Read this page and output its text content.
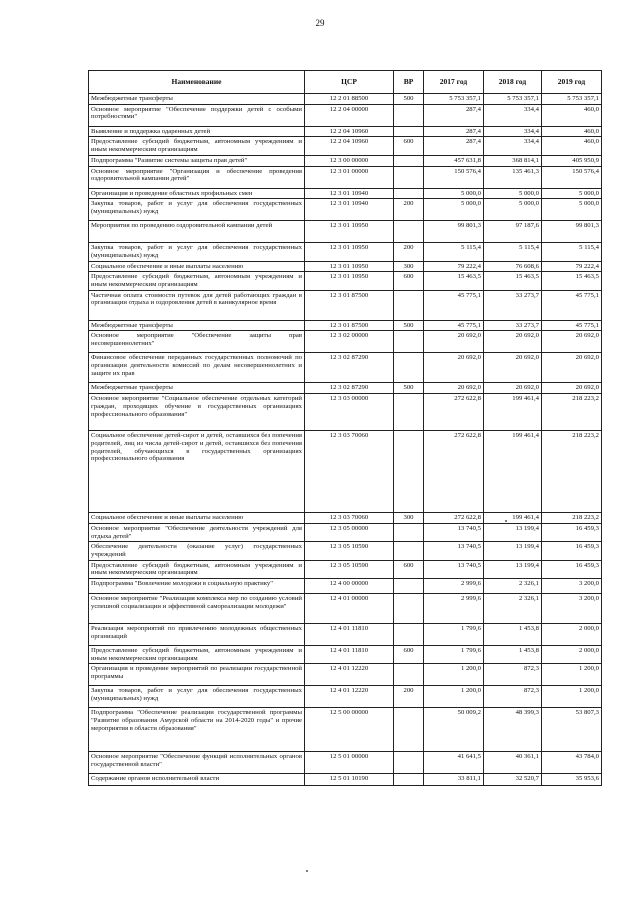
29
Наименование	ЦСР	ВР	2017 год	2018 год	2019 год
Межбюджетные трансферты	12 2 01 88500	500	5 753 357,1	5 753 357,1	5 753 357,1
Основное мероприятие "Обеспечение поддержки детей с особыми потребностями"	12 2 04 00000		287,4	334,4	460,0
Выявление и поддержка одаренных детей	12 2 04 10960		287,4	334,4	460,0
Предоставление субсидий бюджетным, автономным учреждениям и иным некоммерческим организациям	12 2 04 10960	600	287,4	334,4	460,0
Подпрограмма "Развитие системы защиты прав детей"	12 3 00 00000		457 631,8	368 814,1	405 950,9
Основное мероприятие "Организация и обеспечение проведения оздоровительной кампании детей"	12 3 01 00000		150 576,4	135 461,3	150 576,4
Организация и проведение областных профильных смен	12 3 01 10940		5 000,0	5 000,0	5 000,0
Закупка товаров, работ и услуг для обеспечения государственных (муниципальных) нужд	12 3 01 10940	200	5 000,0	5 000,0	5 000,0
Мероприятия по проведению оздоровительной кампании детей	12 3 01 10950		99 801,3	97 187,6	99 801,3
Закупка товаров, работ и услуг для обеспечения государственных (муниципальных) нужд	12 3 01 10950	200	5 115,4	5 115,4	5 115,4
Социальное обеспечение и иные выплаты населению	12 3 01 10950	300	79 222,4	76 608,6	79 222,4
Предоставление субсидий бюджетным, автономным учреждениям и иным некоммерческим организациям	12 3 01 10950	600	15 463,5	15 463,5	15 463,5
Частичная оплата стоимости путевок для детей работающих граждан в организации отдыха и оздоровления детей в каникулярное время	12 3 01 87500		45 775,1	33 273,7	45 775,1
Межбюджетные трансферты	12 3 01 87500	500	45 775,1	33 273,7	45 775,1
Основное мероприятие "Обеспечение защиты прав несовершеннолетних"	12 3 02 00000		20 692,0	20 692,0	20 692,0
Финансовое обеспечение переданных государственных полномочий по организации деятельности комиссий по делам несовершеннолетних и защите их прав	12 3 02 87290		20 692,0	20 692,0	20 692,0
Межбюджетные трансферты	12 3 02 87290	500	20 692,0	20 692,0	20 692,0
Основное мероприятие "Социальное обеспечение отдельных категорий граждан, проходящих обучение в государственных организациях профессионального образования"	12 3 03 00000		272 622,8	199 461,4	218 223,2
Социальное обеспечение детей-сирот и детей, оставшихся без попечения родителей, лиц из числа детей-сирот и детей, оставшихся без попечения родителей, обучающихся в государственных организациях профессионального образования	12 3 03 70060		272 622,8	199 461,4	218 223,2
Социальное обеспечение и иные выплаты населению	12 3 03 70060	300	272 622,8	199 461,4	218 223,2
Основное мероприятие "Обеспечение деятельности учреждений для отдыха детей"	12 3 05 00000		13 740,5	13 199,4	16 459,3
Обеспечение деятельности (оказание услуг) государственных учреждений	12 3 05 10590		13 740,5	13 199,4	16 459,3
Предоставление субсидий бюджетным, автономным учреждениям и иным некоммерческим организациям	12 3 05 10590	600	13 740,5	13 199,4	16 459,3
Подпрограмма "Вовлечение молодежи в социальную практику"	12 4 00 00000		2 999,6	2 326,1	3 200,0
Основное мероприятие "Реализация комплекса мер по созданию условий успешной социализации и эффективной самореализации молодежи"	12 4 01 00000		2 999,6	2 326,1	3 200,0
Реализация мероприятий по привлечению молодежных общественных организаций	12 4 01 11810		1 799,6	1 453,8	2 000,0
Предоставление субсидий бюджетным, автономным учреждениям и иным некоммерческим организациям	12 4 01 11810	600	1 799,6	1 453,8	2 000,0
Организация и проведение мероприятий по реализации государственной программы	12 4 01 12220		1 200,0	872,3	1 200,0
Закупка товаров, работ и услуг для обеспечения государственных (муниципальных) нужд	12 4 01 12220	200	1 200,0	872,3	1 200,0
Подпрограмма "Обеспечение реализации государственной программы "Развитие образования Амурской области на 2014-2020 годы" и прочие мероприятия в области образования"	12 5 00 00000		50 009,2	48 399,3	53 807,3
Основное мероприятие "Обеспечение функций исполнительных органов государственной власти"	12 5 01 00000		41 641,5	40 361,1	43 784,0
Содержание органов исполнительной власти	12 5 01 10190		33 811,1	32 520,7	35 953,6
